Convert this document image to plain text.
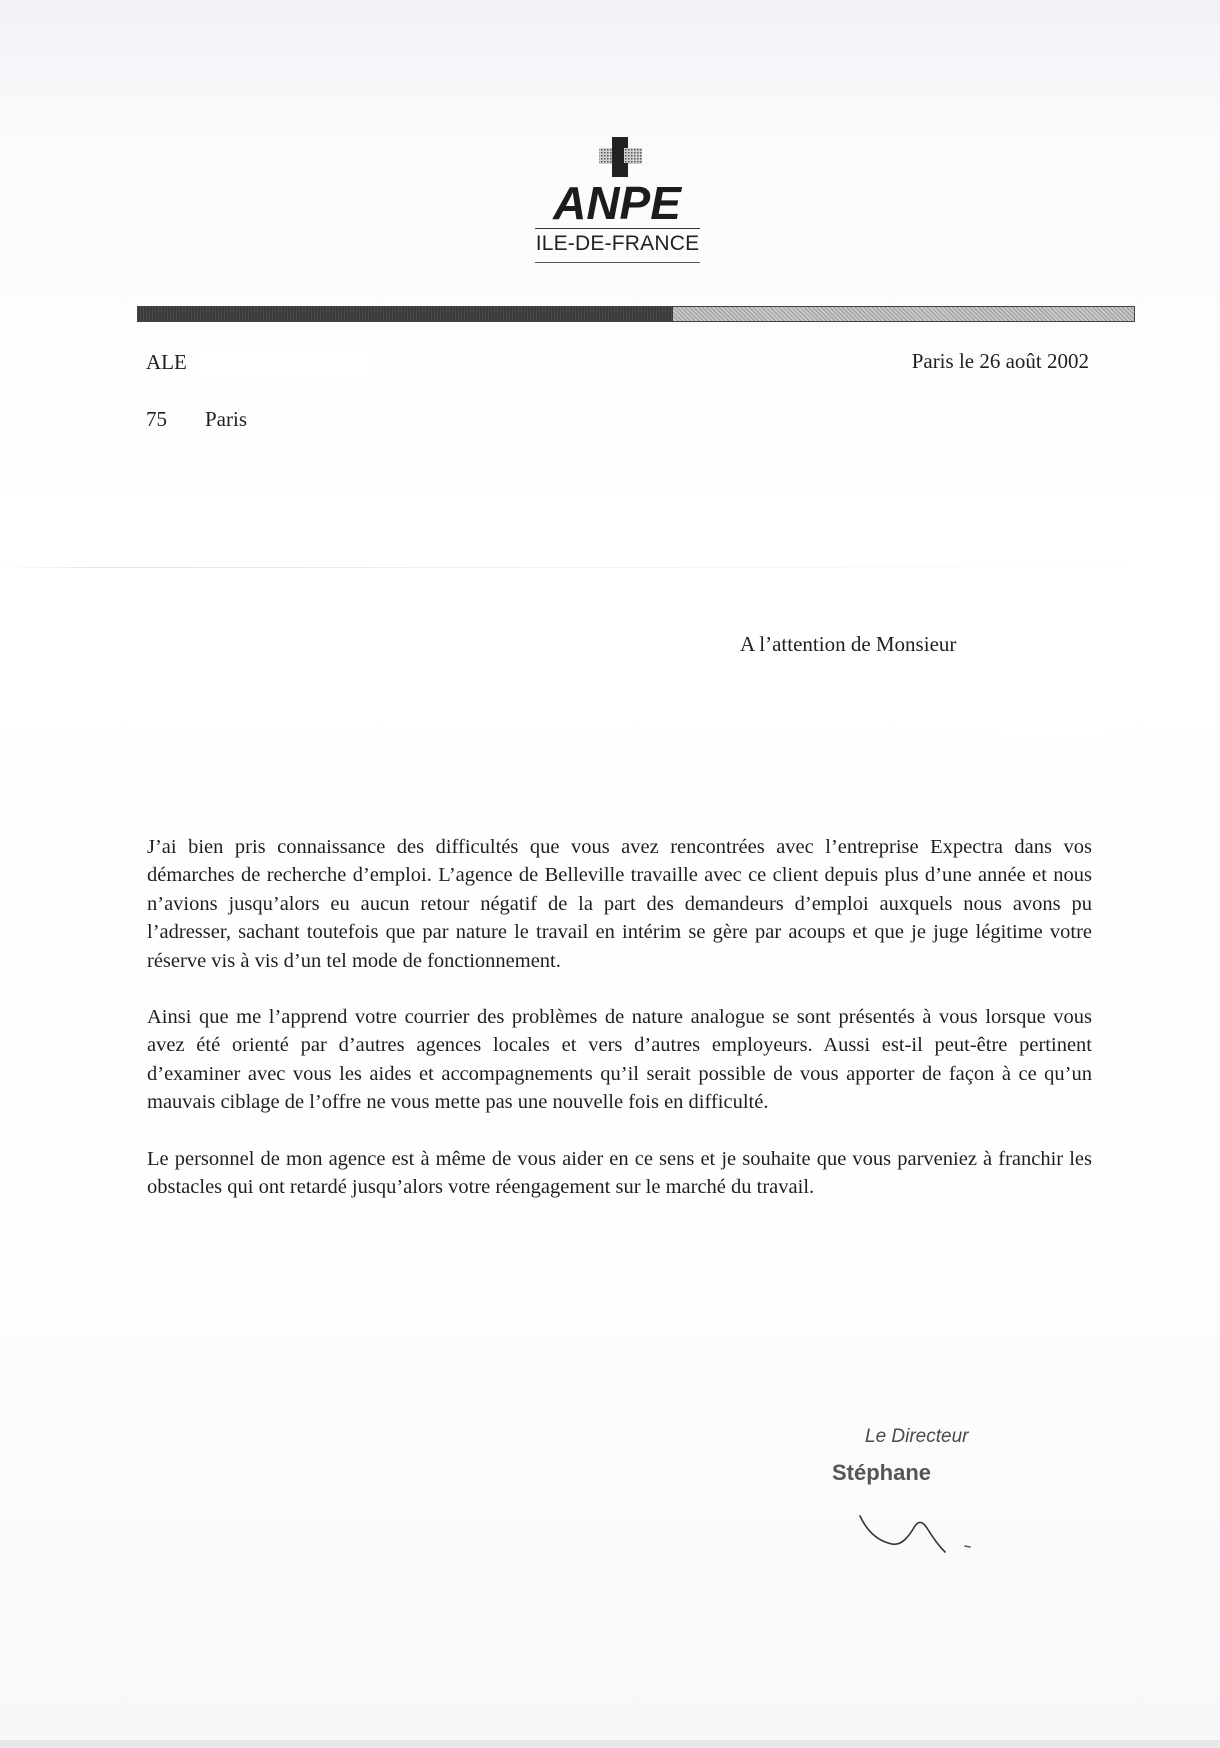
ANPE
ILE-DE-FRANCE
ALE
75 Paris
Paris le 26 août 2002
A l’attention de Monsieur

J’ai bien pris connaissance des difficultés que vous avez rencontrées avec l’entreprise Expectra dans vos démarches de recherche d’emploi. L’agence de Belleville travaille avec ce client depuis plus d’une année et nous n’avions jusqu’alors eu aucun retour négatif de la part des demandeurs d’emploi auxquels nous avons pu l’adresser, sachant toutefois que par nature le travail en intérim se gère par acoups et que je juge légitime votre réserve vis à vis d’un tel mode de fonctionnement.

Ainsi que me l’apprend votre courrier des problèmes de nature analogue se sont présentés à vous lorsque vous avez été orienté par d’autres agences locales et vers d’autres employeurs. Aussi est-il peut-être pertinent d’examiner avec vous les aides et accompagnements qu’il serait possible de vous apporter de façon à ce qu’un mauvais ciblage de l’offre ne vous mette pas une nouvelle fois en difficulté.

Le personnel de mon agence est à même de vous aider en ce sens et je souhaite que vous parveniez à franchir les obstacles qui ont retardé jusqu’alors votre réengagement sur le marché du travail.

Le Directeur
Stéphane
